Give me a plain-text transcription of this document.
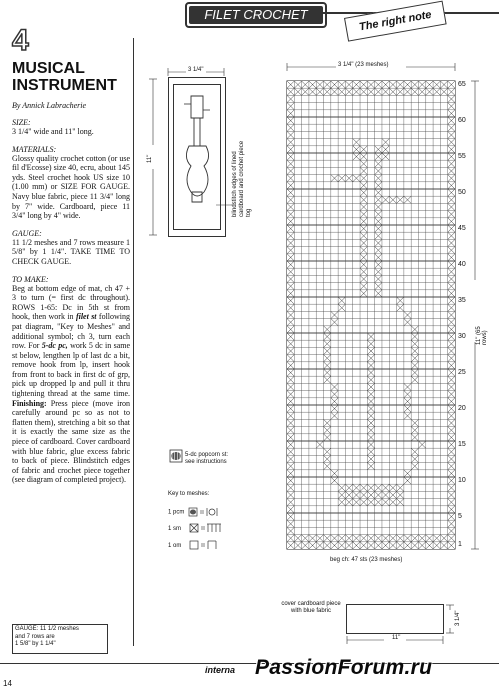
FILET CROCHET	The right note
4
MUSICAL
INSTRUMENT
By Annick Labracherie

SIZE:

3 1/4" wide and 11" long.

MATERIALS:

Glossy quality crochet cotton (or use fil d'Ecosse) size 40, ecru, about 145 yds. Steel crochet hook US size 10 (1.00 mm) or SIZE FOR GAUGE. Navy blue fabric, piece 11 3/4" long by 7" wide. Cardboard, piece 11 3/4" long by 4" wide.

GAUGE:

11 1/2 meshes and 7 rows measure 1 5/8" by 1 1/4". TAKE TIME TO CHECK GAUGE.

TO MAKE:

Beg at bottom edge of mat, ch 47 + 3 to turn (= first dc throughout). ROWS 1-65: Dc in 5th st from hook, then work in filet st following pat diagram, "Key to Meshes" and additional symbol; ch 3, turn each row. For 5-dc pc, work 5 dc in same st below, lengthen lp of last dc a bit, remove hook from lp, insert hook from front to back in first dc of grp, pick up dropped lp and pull it thru tightening thread at the same time. Finishing: Press piece (move iron carefully around pc so as not to flatten them), stretching a bit so that it is exactly the same size as the piece of cardboard. Cover cardboard with blue fabric, glue excess fabric to back of piece. Blindstitch edges of fabric and crochet piece together (see diagram of completed project).

GAUGE: 11 1/2 meshes
and 7 rows are
1 5/8" by 1 1/4"
3 1/4"
11"	blindstitch edges of lined cardboard and crochet piece tog
5-dc popcorn st:
see instructions
Key to meshes:
1 pcm
1 sm
1 om
3 1/4" (23 meshes)
65
60
55
50
45
40
35
30
25
20
15
10
5
1
11" (65 rows)
beg ch: 47 sts (23 meshes)
cover cardboard piece with blue fabric
11"
3 1/4"
14
interna PassionForum.ru
